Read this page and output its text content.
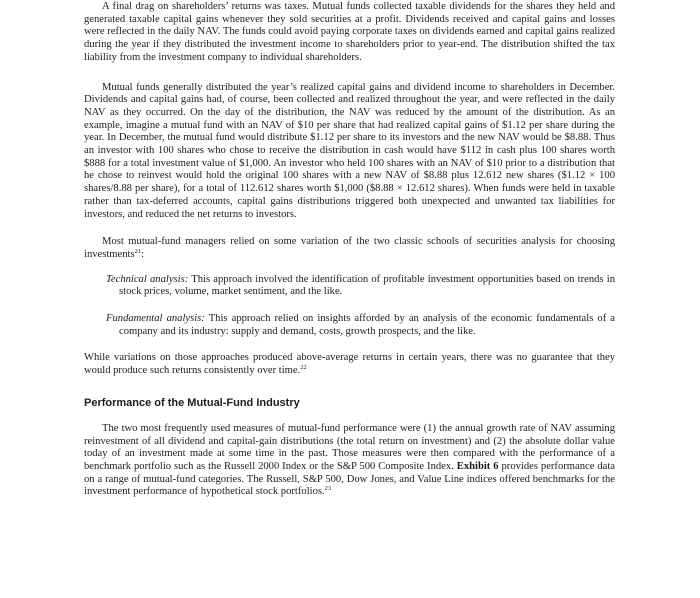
A final drag on shareholders’ returns was taxes. Mutual funds collected taxable dividends for the shares they held and generated taxable capital gains whenever they sold securities at a profit. Dividends received and capital gains and losses were reflected in the daily NAV. The funds could avoid paying corporate taxes on dividends earned and capital gains realized during the year if they distributed the investment income to shareholders prior to year-end. The distribution shifted the tax liability from the investment company to individual shareholders.

Mutual funds generally distributed the year’s realized capital gains and dividend income to shareholders in December. Dividends and capital gains had, of course, been collected and realized throughout the year, and were reflected in the daily NAV as they occurred. On the day of the distribution, the NAV was reduced by the amount of the distribution. As an example, imagine a mutual fund with an NAV of $10 per share that had realized capital gains of $1.12 per share during the year. In December, the mutual fund would distribute $1.12 per share to its investors and the new NAV would be $8.88. Thus an investor with 100 shares who chose to receive the distribution in cash would have $112 in cash plus 100 shares worth $888 for a total investment value of $1,000. An investor who held 100 shares with an NAV of $10 prior to a distribution that he chose to reinvest would hold the original 100 shares with a new NAV of $8.88 plus 12.612 new shares ($1.12 × 100 shares/8.88 per share), for a total of 112.612 shares worth $1,000 ($8.88 × 12.612 shares). When funds were held in taxable rather than tax-deferred accounts, capital gains distributions triggered both unexpected and unwanted tax liabilities for investors, and reduced the net returns to investors.

Most mutual-fund managers relied on some variation of the two classic schools of securities analysis for choosing investments$^{21}$:

Technical analysis: This approach involved the identification of profitable investment opportunities based on trends in stock prices, volume, market sentiment, and the like.

Fundamental analysis: This approach relied on insights afforded by an analysis of the economic fundamentals of a company and its industry: supply and demand, costs, growth prospects, and the like.

While variations on those approaches produced above-average returns in certain years, there was no guarantee that they would produce such returns consistently over time.$^{22}$

Performance of the Mutual-Fund Industry

The two most frequently used measures of mutual-fund performance were (1) the annual growth rate of NAV assuming reinvestment of all dividend and capital-gain distributions (the total return on investment) and (2) the absolute dollar value today of an investment made at some time in the past. Those measures were then compared with the performance of a benchmark portfolio such as the Russell 2000 Index or the S&P 500 Composite Index. Exhibit 6 provides performance data on a range of mutual-fund categories. The Russell, S&P 500, Dow Jones, and Value Line indices offered benchmarks for the investment performance of hypothetical stock portfolios.$^{23}$
